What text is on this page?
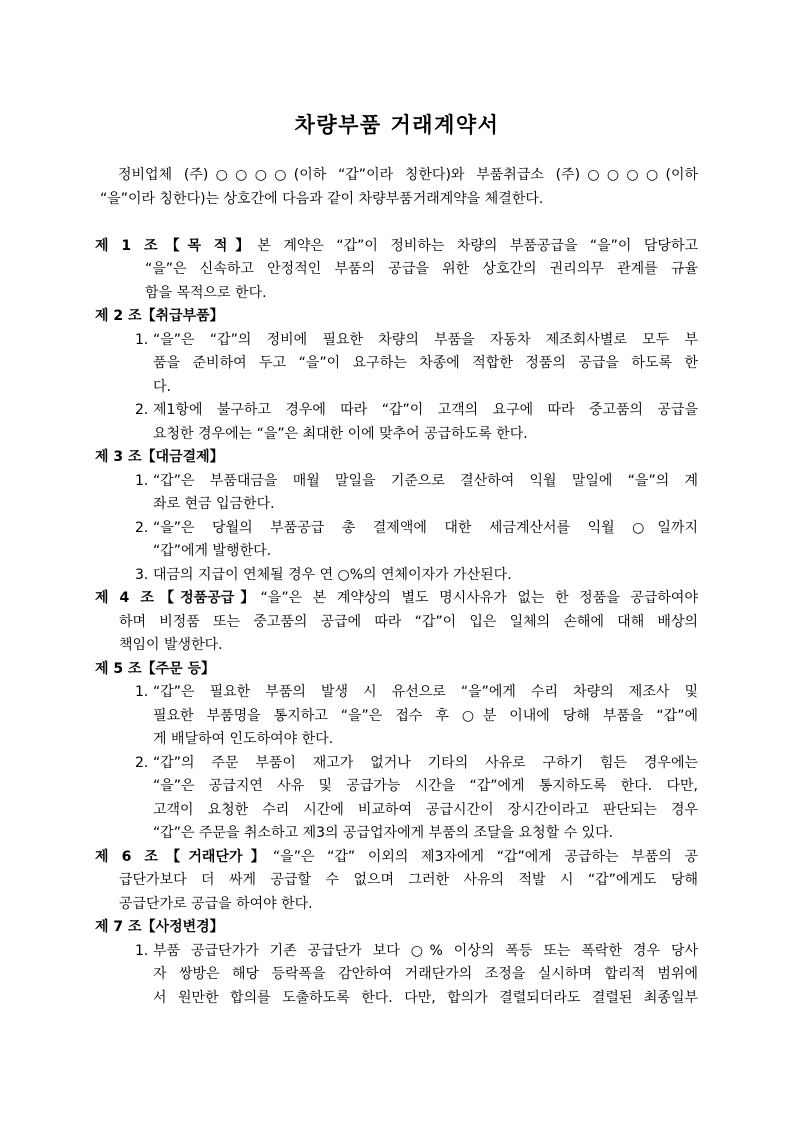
차량부품 거래계약서
정비업체 (주)○○○○(이하 “갑”이라 칭한다)와 부품취급소 (주)○○○○(이하
“을”이라 칭한다)는 상호간에 다음과 같이 차량부품거래계약을 체결한다.
제 1 조【목 적】본 계약은 “갑”이 정비하는 차량의 부품공급을 “을”이 담당하고
“을”은 신속하고 안정적인 부품의 공급을 위한 상호간의 권리의무 관계를 규율
함을 목적으로 한다.
제 2 조【취급부품】
1. “을”은 “갑”의 정비에 필요한 차량의 부품을 자동차 제조회사별로 모두 부
품을 준비하여 두고 “을”이 요구하는 차종에 적합한 정품의 공급을 하도록 한
다.
2. 제1항에 불구하고 경우에 따라 “갑”이 고객의 요구에 따라 중고품의 공급을
요청한 경우에는 “을”은 최대한 이에 맞추어 공급하도록 한다.
제 3 조【대금결제】
1. “갑”은 부품대금을 매월 말일을 기준으로 결산하여 익월 말일에 “을”의 계
좌로 현금 입금한다.
2. “을”은 당월의 부품공급 총 결제액에 대한 세금계산서를 익월 ○일까지
“갑”에게 발행한다.
3. 대금의 지급이 연체될 경우 연 ○%의 연체이자가 가산된다.
제 4 조【정품공급】“을”은 본 계약상의 별도 명시사유가 없는 한 정품을 공급하여야
하며 비정품 또는 중고품의 공급에 따라 “갑”이 입은 일체의 손해에 대해 배상의
책임이 발생한다.
제 5 조【주문 등】
1. “갑”은 필요한 부품의 발생 시 유선으로 “을”에게 수리 차량의 제조사 및
필요한 부품명을 통지하고 “을”은 접수 후 ○분 이내에 당해 부품을 “갑”에
게 배달하여 인도하여야 한다.
2. “갑”의 주문 부품이 재고가 없거나 기타의 사유로 구하기 힘든 경우에는
“을”은 공급지연 사유 및 공급가능 시간을 “갑”에게 통지하도록 한다. 다만,
고객이 요청한 수리 시간에 비교하여 공급시간이 장시간이라고 판단되는 경우
“갑”은 주문을 취소하고 제3의 공급업자에게 부품의 조달을 요청할 수 있다.
제 6 조【거래단가】“을”은 “갑” 이외의 제3자에게 “갑”에게 공급하는 부품의 공
급단가보다 더 싸게 공급할 수 없으며 그러한 사유의 적발 시 “갑”에게도 당해
공급단가로 공급을 하여야 한다.
제 7 조【사정변경】
1. 부품 공급단가가 기존 공급단가 보다 ○% 이상의 폭등 또는 폭락한 경우 당사
자 쌍방은 해당 등락폭을 감안하여 거래단가의 조정을 실시하며 합리적 범위에
서 원만한 합의를 도출하도록 한다. 다만, 합의가 결렬되더라도 결렬된 최종일부
